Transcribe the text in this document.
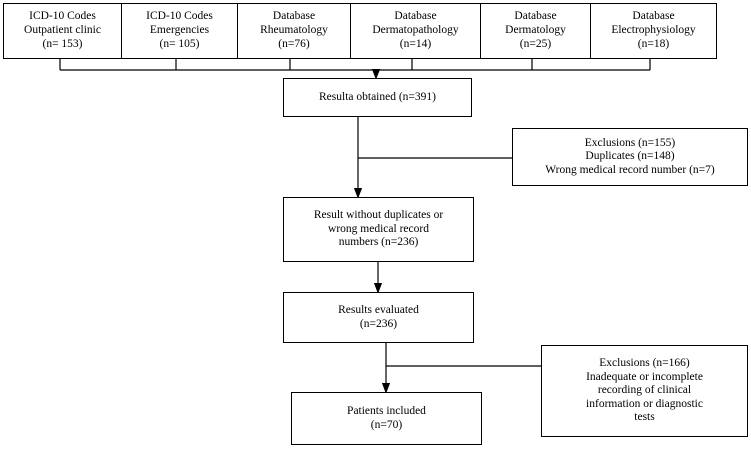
ICD-10 Codes
Outpatient clinic
(n= 153)
ICD-10 Codes
Emergencies
(n= 105)
Database
Rheumatology
(n=76)
Database
Dermatopathology
(n=14)
Database
Dermatology
(n=25)
Database
Electrophysiology
(n=18)
Resulta obtained (n=391)
Exclusions (n=155)
Duplicates (n=148)
Wrong medical record number (n=7)
Result without duplicates or
wrong medical record
numbers (n=236)
Results evaluated
(n=236)
Exclusions (n=166)
Inadequate or incomplete
recording of clinical
information or diagnostic
tests
Patients included
(n=70)
